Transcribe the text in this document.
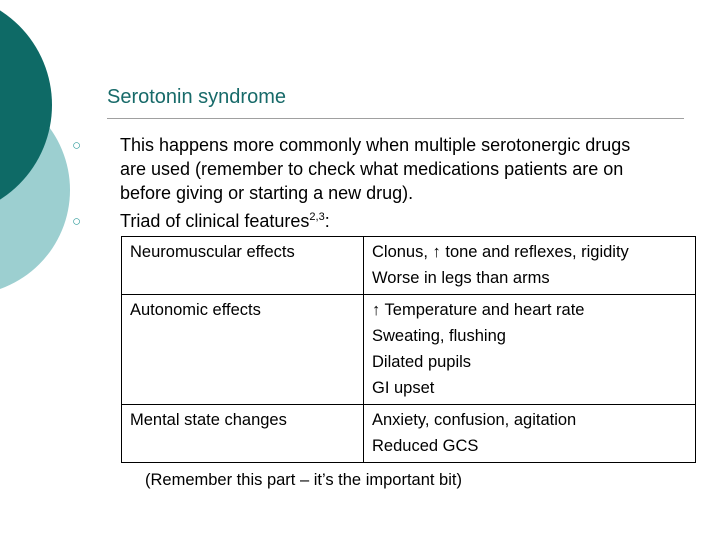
Serotonin syndrome
○ This happens more commonly when multiple serotonergic drugs
are used (remember to check what medications patients are on
before giving or starting a new drug).
○ Triad of clinical features$^{2,3}$:
Neuromuscular effects	Clonus, ↑ tone and reflexes, rigidity
Worse in legs than arms

Autonomic effects	↑ Temperature and heart rate
Sweating, flushing
Dilated pupils
GI upset

Mental state changes	Anxiety, confusion, agitation
Reduced GCS
(Remember this part – it’s the important bit)
